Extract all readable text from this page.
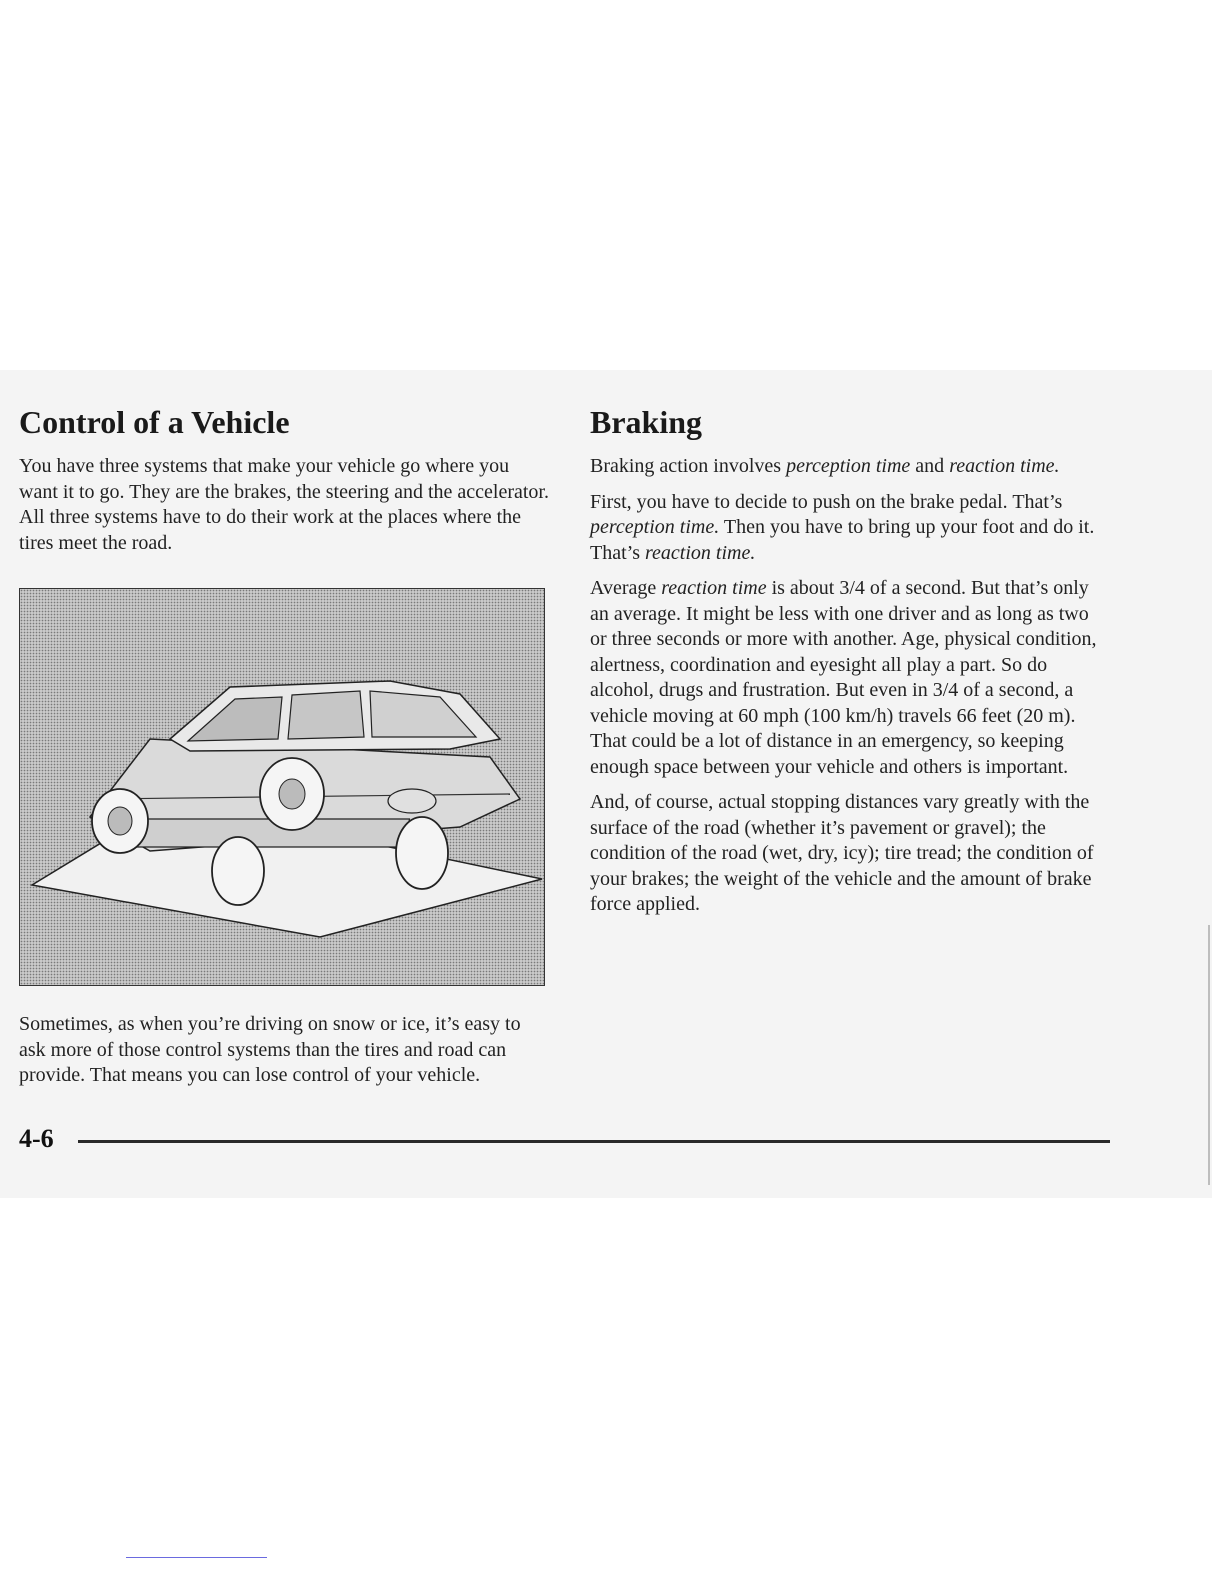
Control of a Vehicle

You have three systems that make your vehicle go where you want it to go. They are the brakes, the steering and the accelerator. All three systems have to do their work at the places where the tires meet the road.

Sometimes, as when you’re driving on snow or ice, it’s easy to ask more of those control systems than the tires and road can provide. That means you can lose control of your vehicle.

Braking

Braking action involves perception time and reaction time.

First, you have to decide to push on the brake pedal. That’s perception time. Then you have to bring up your foot and do it. That’s reaction time.

Average reaction time is about 3/4 of a second. But that’s only an average. It might be less with one driver and as long as two or three seconds or more with another. Age, physical condition, alertness, coordination and eyesight all play a part. So do alcohol, drugs and frustration. But even in 3/4 of a second, a vehicle moving at 60 mph (100 km/h) travels 66 feet (20 m). That could be a lot of distance in an emergency, so keeping enough space between your vehicle and others is important.

And, of course, actual stopping distances vary greatly with the surface of the road (whether it’s pavement or gravel); the condition of the road (wet, dry, icy); tire tread; the condition of your brakes; the weight of the vehicle and the amount of brake force applied.

4-6
